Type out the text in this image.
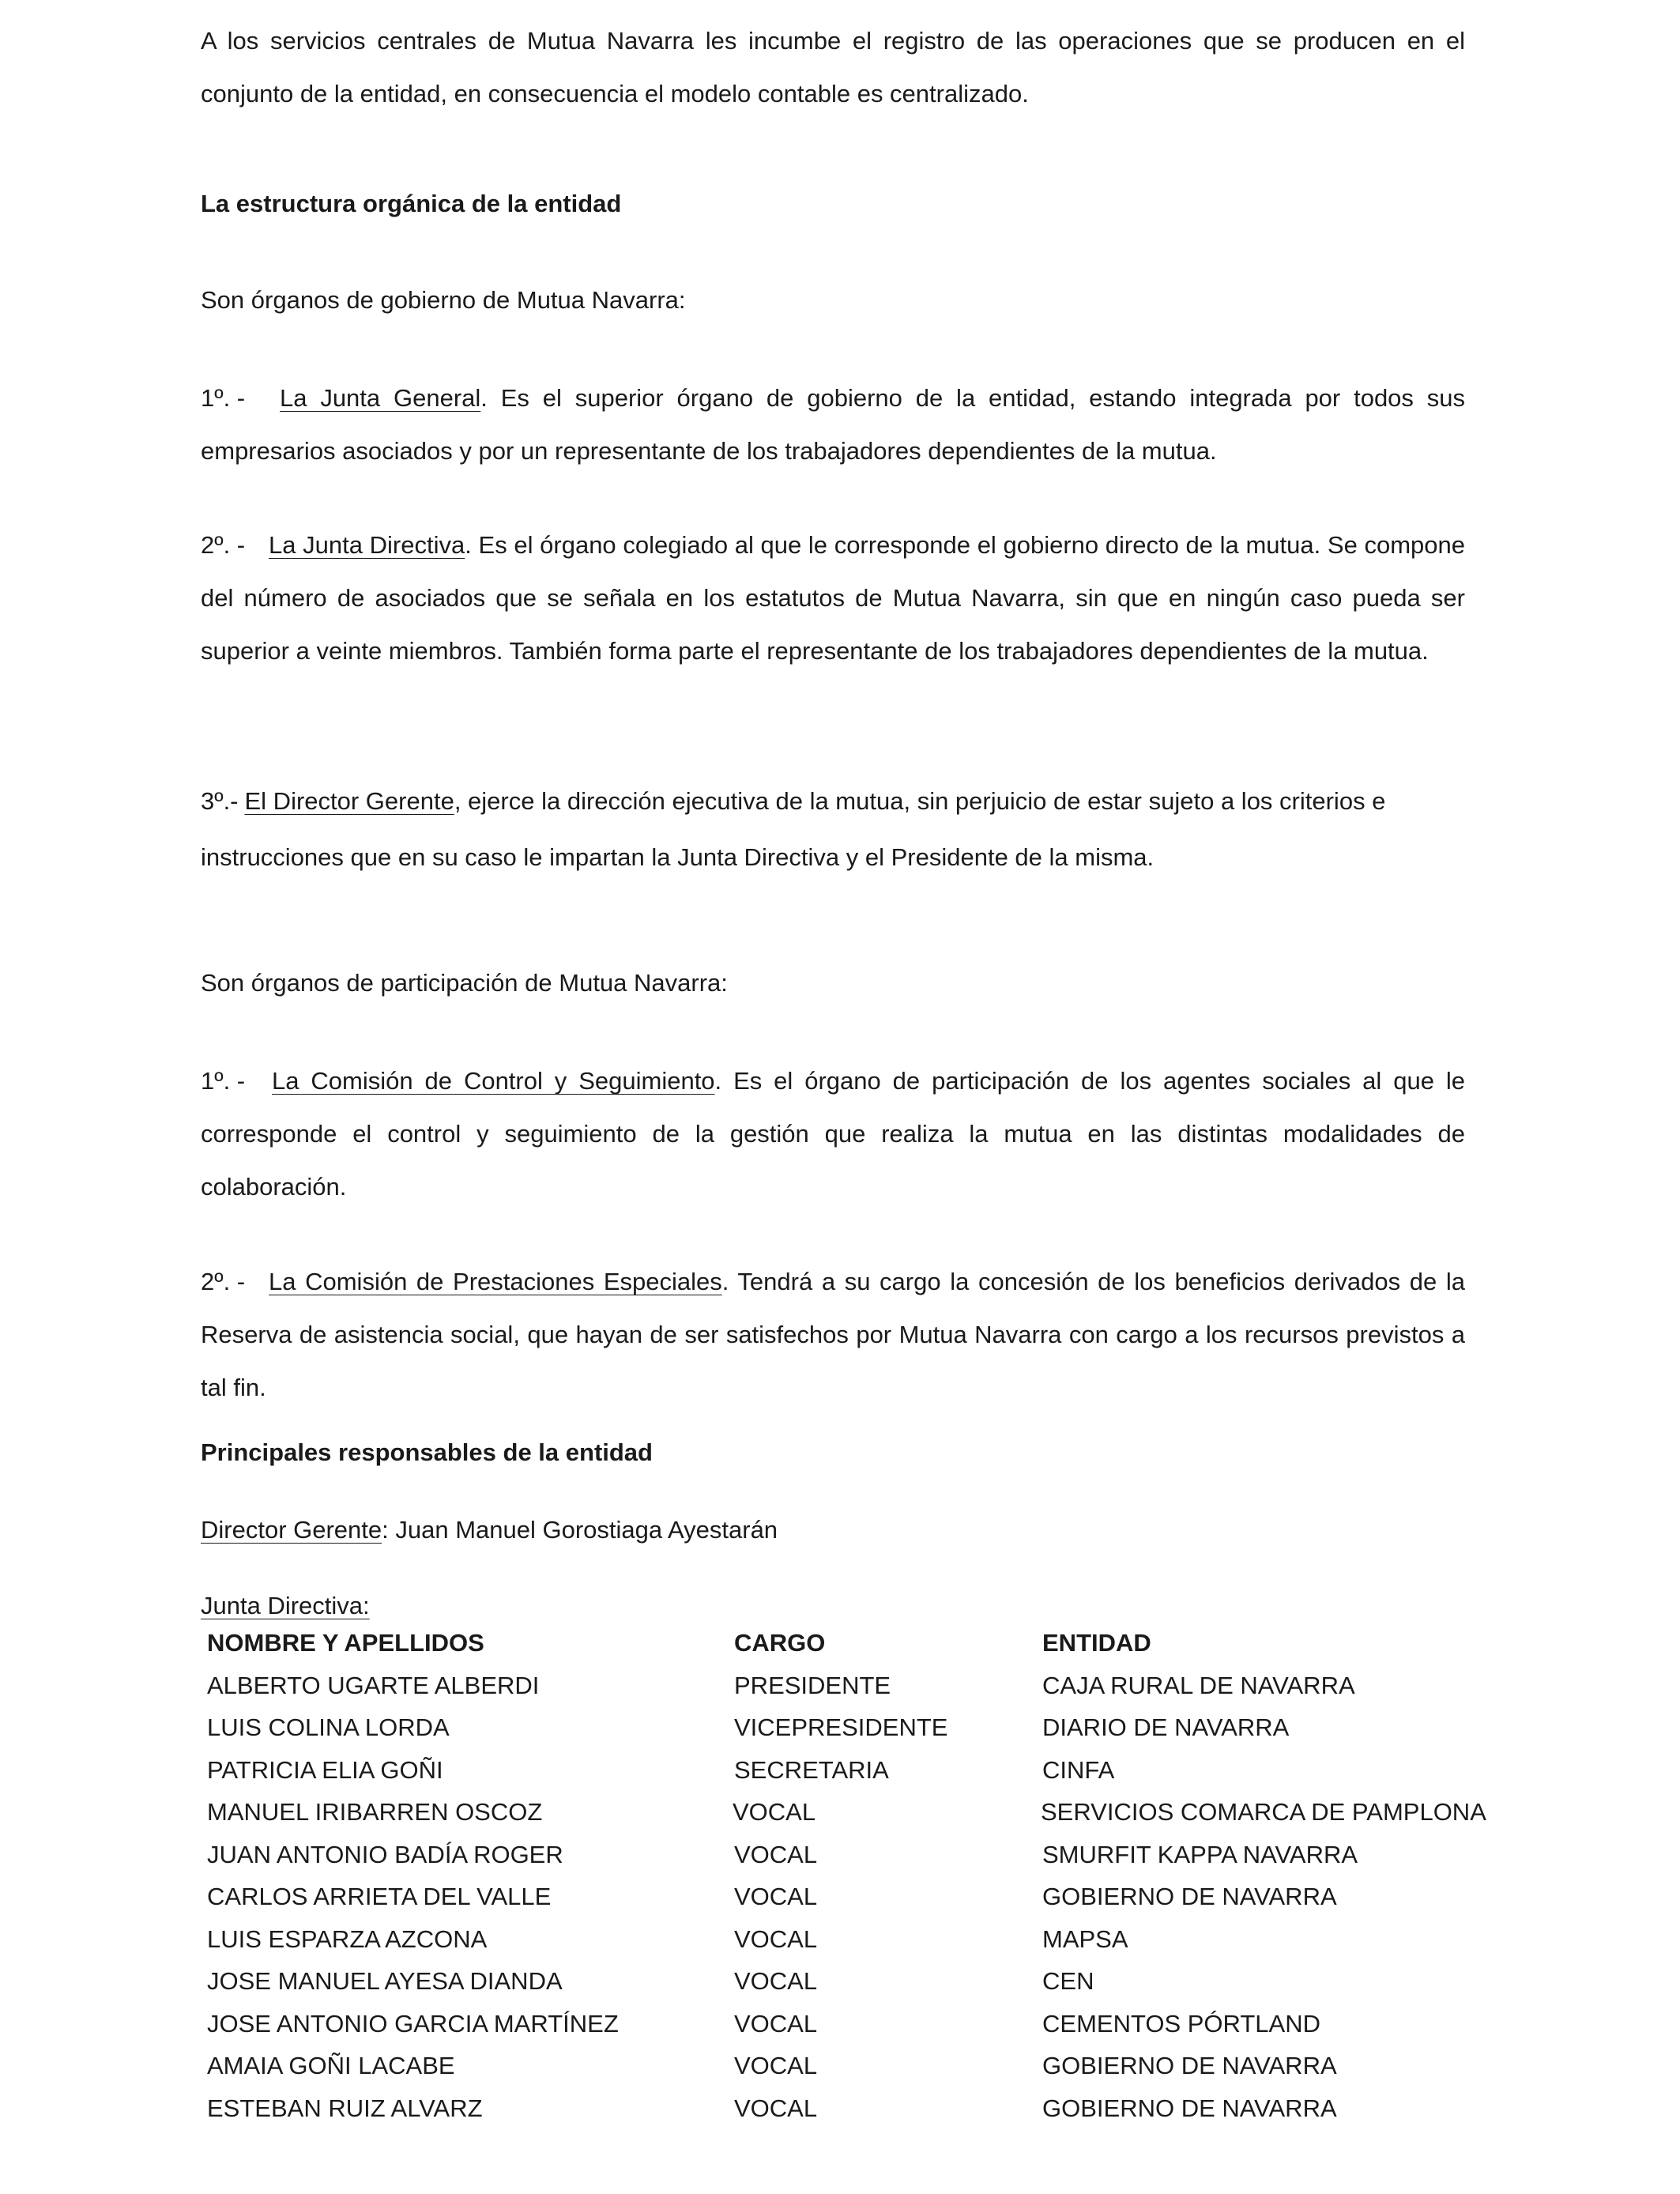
A los servicios centrales de Mutua Navarra les incumbe el registro de las operaciones que se producen en el conjunto de la entidad, en consecuencia el modelo contable es centralizado.

La estructura orgánica de la entidad
Son órganos de gobierno de Mutua Navarra:

1º. - La Junta General. Es el superior órgano de gobierno de la entidad, estando integrada por todos sus empresarios asociados y por un representante de los trabajadores dependientes de la mutua.

2º. - La Junta Directiva. Es el órgano colegiado al que le corresponde el gobierno directo de la mutua. Se compone del número de asociados que se señala en los estatutos de Mutua Navarra, sin que en ningún caso pueda ser superior a veinte miembros. También forma parte el representante de los trabajadores dependientes de la mutua.

3º.- El Director Gerente, ejerce la dirección ejecutiva de la mutua, sin perjuicio de estar sujeto a los criterios e instrucciones que en su caso le impartan la Junta Directiva y el Presidente de la misma.

Son órganos de participación de Mutua Navarra:

1º. - La Comisión de Control y Seguimiento. Es el órgano de participación de los agentes sociales al que le corresponde el control y seguimiento de la gestión que realiza la mutua en las distintas modalidades de colaboración.

2º. - La Comisión de Prestaciones Especiales. Tendrá a su cargo la concesión de los beneficios derivados de la Reserva de asistencia social, que hayan de ser satisfechos por Mutua Navarra con cargo a los recursos previstos a tal fin.

Principales responsables de la entidad
Director Gerente: Juan Manuel Gorostiaga Ayestarán
Junta Directiva:
NOMBRE Y APELLIDOS	CARGO	ENTIDAD
ALBERTO UGARTE ALBERDI	PRESIDENTE	CAJA RURAL DE NAVARRA
LUIS COLINA LORDA	VICEPRESIDENTE	DIARIO DE NAVARRA
PATRICIA ELIA GOÑI	SECRETARIA	CINFA
MANUEL IRIBARREN OSCOZ	VOCAL	SERVICIOS COMARCA DE PAMPLONA
JUAN ANTONIO BADÍA ROGER	VOCAL	SMURFIT KAPPA NAVARRA
CARLOS ARRIETA DEL VALLE	VOCAL	GOBIERNO DE NAVARRA
LUIS ESPARZA AZCONA	VOCAL	MAPSA
JOSE MANUEL AYESA DIANDA	VOCAL	CEN
JOSE ANTONIO GARCIA MARTÍNEZ	VOCAL	CEMENTOS PÓRTLAND
AMAIA GOÑI LACABE	VOCAL	GOBIERNO DE NAVARRA
ESTEBAN RUIZ ALVARZ	VOCAL	GOBIERNO DE NAVARRA
